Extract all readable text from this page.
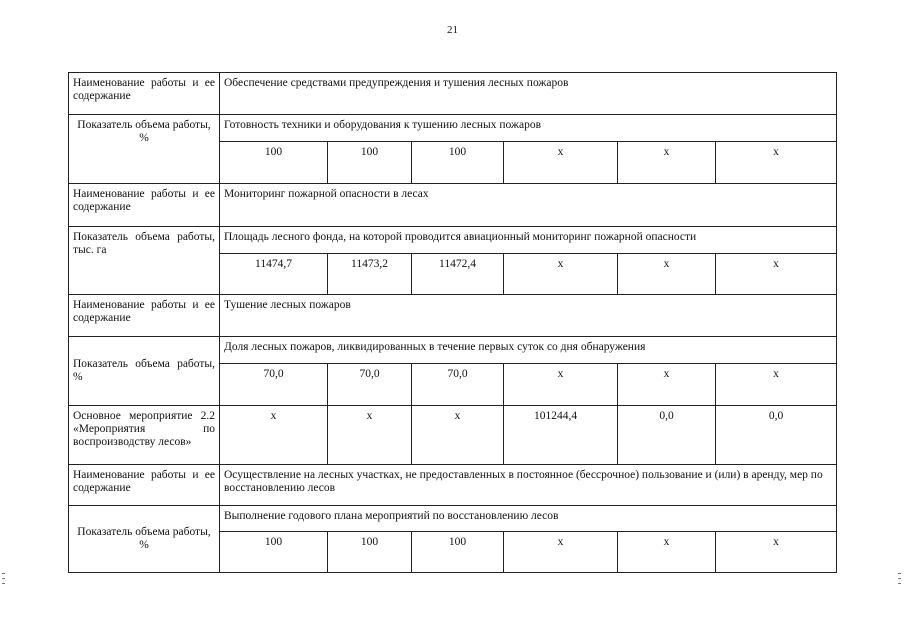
21
Наименование работы и ее содержание	Обеспечение средствами предупреждения и тушения лесных пожаров					
Показатель объема работы, %	Готовность техники и оборудования к тушению лесных пожаров					
	100	100	100	х	х	х
Наименование работы и ее содержание	Мониторинг пожарной опасности в лесах					
Показатель объема работы, тыс. га	Площадь лесного фонда, на которой проводится авиационный мониторинг пожарной опасности					
	11474,7	11473,2	11472,4	х	х	х
Наименование работы и ее содержание	Тушение лесных пожаров					
Показатель объема работы, %	Доля лесных пожаров, ликвидированных в течение первых суток со дня обнаружения					
	70,0	70,0	70,0	х	х	х
Основное мероприятие 2.2 «Мероприятия по воспроизводству лесов»	х	х	х	101244,4	0,0	0,0
Наименование работы и ее содержание	Осуществление на лесных участках, не предоставленных в постоянное (бессрочное) пользование и (или) в аренду, мер по восстановлению лесов					
Показатель объема работы, %	Выполнение годового плана мероприятий по восстановлению лесов					
	100	100	100	х	х	х
